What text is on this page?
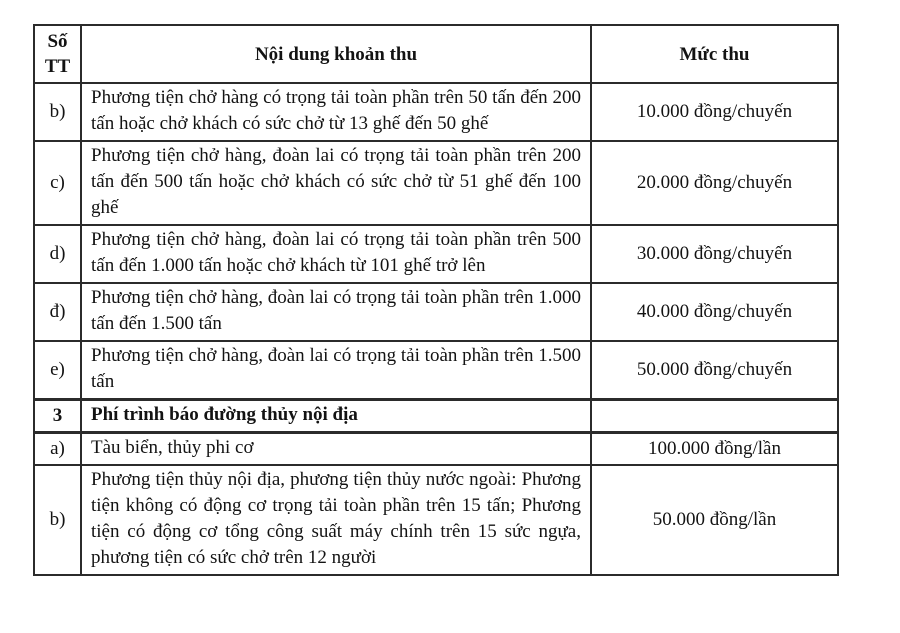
Số TT	Nội dung khoản thu	Mức thu
b)	Phương tiện chở hàng có trọng tải toàn phần trên 50 tấn đến 200 tấn hoặc chở khách có sức chở từ 13 ghế đến 50 ghế	10.000 đồng/chuyến
c)	Phương tiện chở hàng, đoàn lai có trọng tải toàn phần trên 200 tấn đến 500 tấn hoặc chở khách có sức chở từ 51 ghế đến 100 ghế	20.000 đồng/chuyến
d)	Phương tiện chở hàng, đoàn lai có trọng tải toàn phần trên 500 tấn đến 1.000 tấn hoặc chở khách từ 101 ghế trở lên	30.000 đồng/chuyến
đ)	Phương tiện chở hàng, đoàn lai có trọng tải toàn phần trên 1.000 tấn đến 1.500 tấn	40.000 đồng/chuyến
e)	Phương tiện chở hàng, đoàn lai có trọng tải toàn phần trên 1.500 tấn	50.000 đồng/chuyến
3	Phí trình báo đường thủy nội địa	
a)	Tàu biển, thủy phi cơ	100.000 đồng/lần
b)	Phương tiện thủy nội địa, phương tiện thủy nước ngoài: Phương tiện không có động cơ trọng tải toàn phần trên 15 tấn; Phương tiện có động cơ tổng công suất máy chính trên 15 sức ngựa, phương tiện có sức chở trên 12 người	50.000 đồng/lần
